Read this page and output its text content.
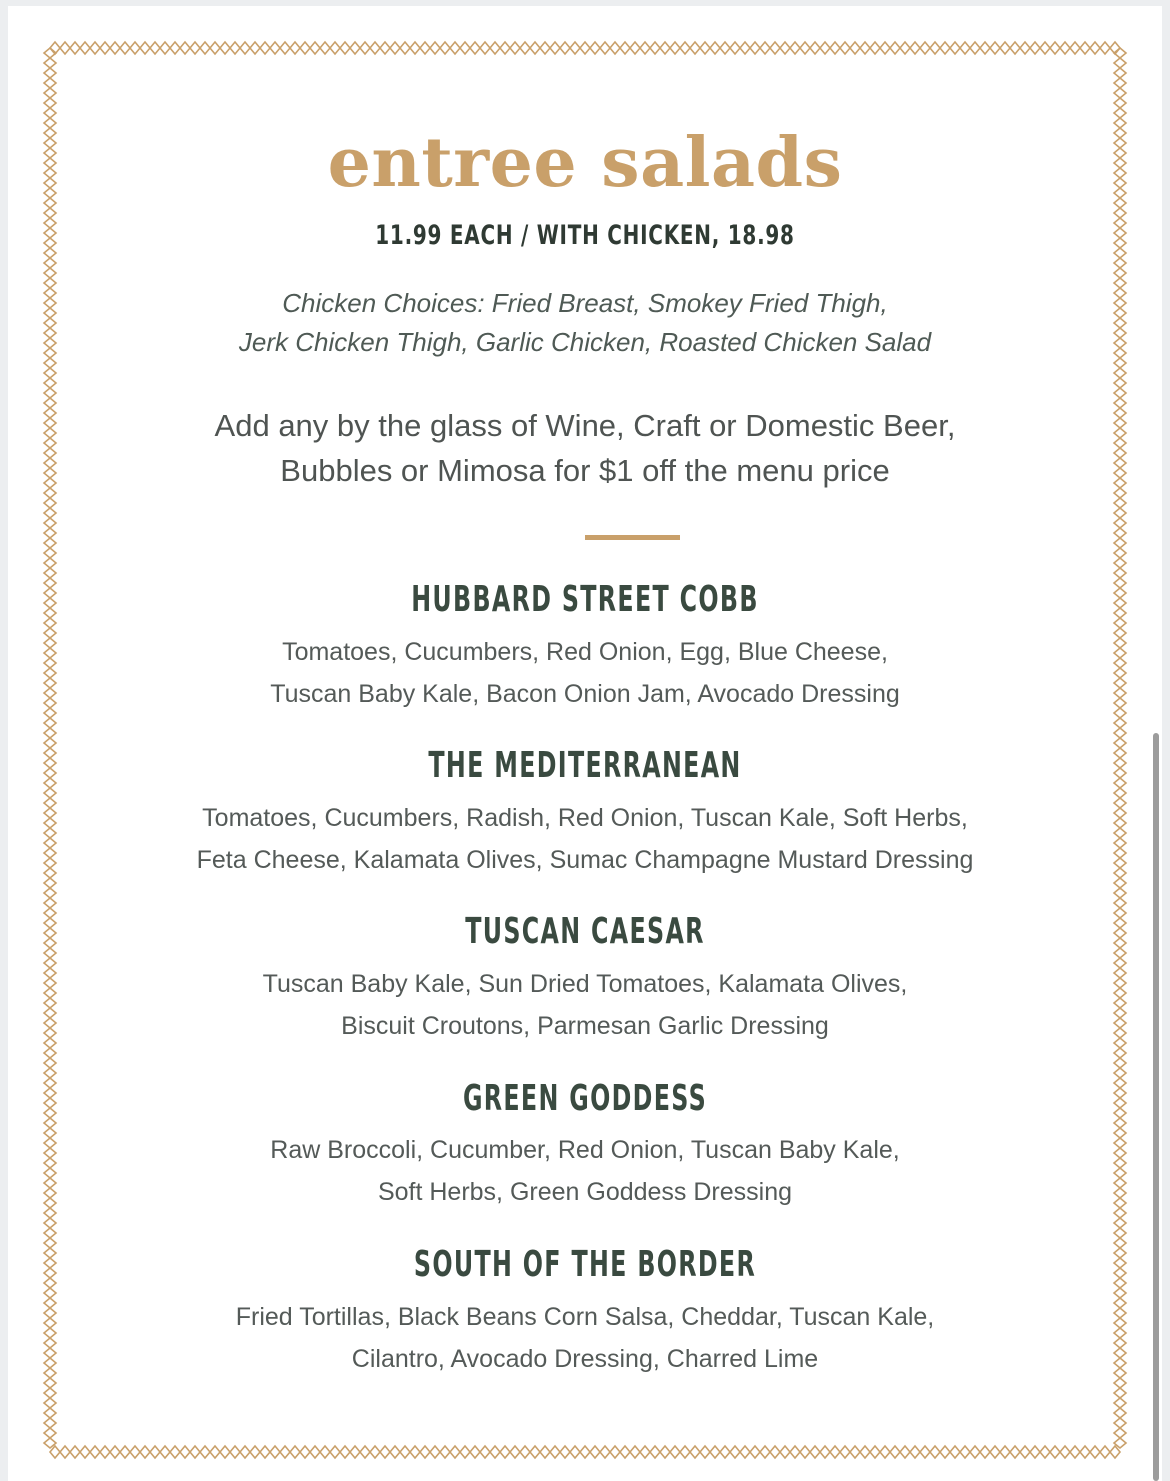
entree salads
11.99 EACH / WITH CHICKEN, 18.98
Chicken Choices: Fried Breast, Smokey Fried Thigh,
Jerk Chicken Thigh, Garlic Chicken, Roasted Chicken Salad
Add any by the glass of Wine, Craft or Domestic Beer,
Bubbles or Mimosa for $1 off the menu price
HUBBARD STREET COBB
Tomatoes, Cucumbers, Red Onion, Egg, Blue Cheese,
Tuscan Baby Kale, Bacon Onion Jam, Avocado Dressing
THE MEDITERRANEAN
Tomatoes, Cucumbers, Radish, Red Onion, Tuscan Kale, Soft Herbs,
Feta Cheese, Kalamata Olives, Sumac Champagne Mustard Dressing
TUSCAN CAESAR
Tuscan Baby Kale, Sun Dried Tomatoes, Kalamata Olives,
Biscuit Croutons, Parmesan Garlic Dressing
GREEN GODDESS
Raw Broccoli, Cucumber, Red Onion, Tuscan Baby Kale,
Soft Herbs, Green Goddess Dressing
SOUTH OF THE BORDER
Fried Tortillas, Black Beans Corn Salsa, Cheddar, Tuscan Kale,
Cilantro, Avocado Dressing, Charred Lime
